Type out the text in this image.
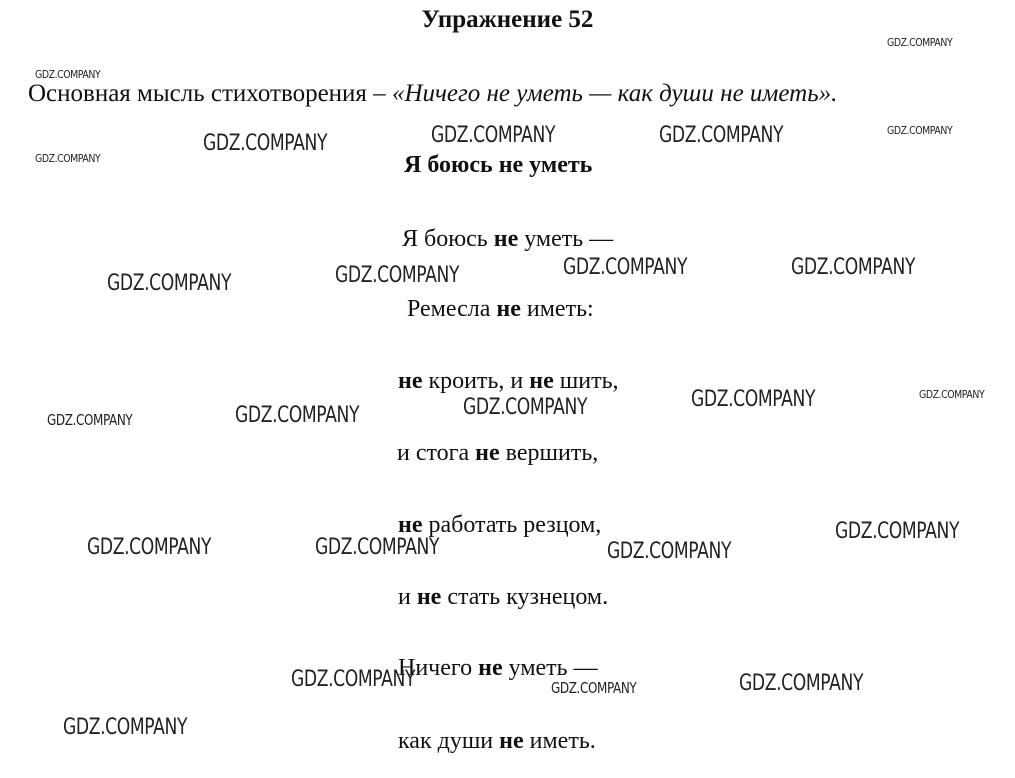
Упражнение 52
Основная мысль стихотворения – «Ничего не уметь — как души не иметь».
Я боюсь не уметь
Я боюсь не уметь —
Ремесла не иметь:
не кроить, и не шить,
и стога не вершить,
не работать резцом,
и не стать кузнецом.
Ничего не уметь —
как души не иметь.
GDZ.COMPANY
GDZ.COMPANY
GDZ.COMPANY
GDZ.COMPANY
GDZ.COMPANY	GDZ.COMPANY
GDZ.COMPANY
GDZ.COMPANY	GDZ.COMPANY
GDZ.COMPANY
GDZ.COMPANY
GDZ.COMPANY	GDZ.COMPANY
GDZ.COMPANY
GDZ.COMPANY
GDZ.COMPANY
GDZ.COMPANY
GDZ.COMPANY
GDZ.COMPANY	GDZ.COMPANY
GDZ.COMPANY	GDZ.COMPANY
GDZ.COMPANY
GDZ.COMPANY
